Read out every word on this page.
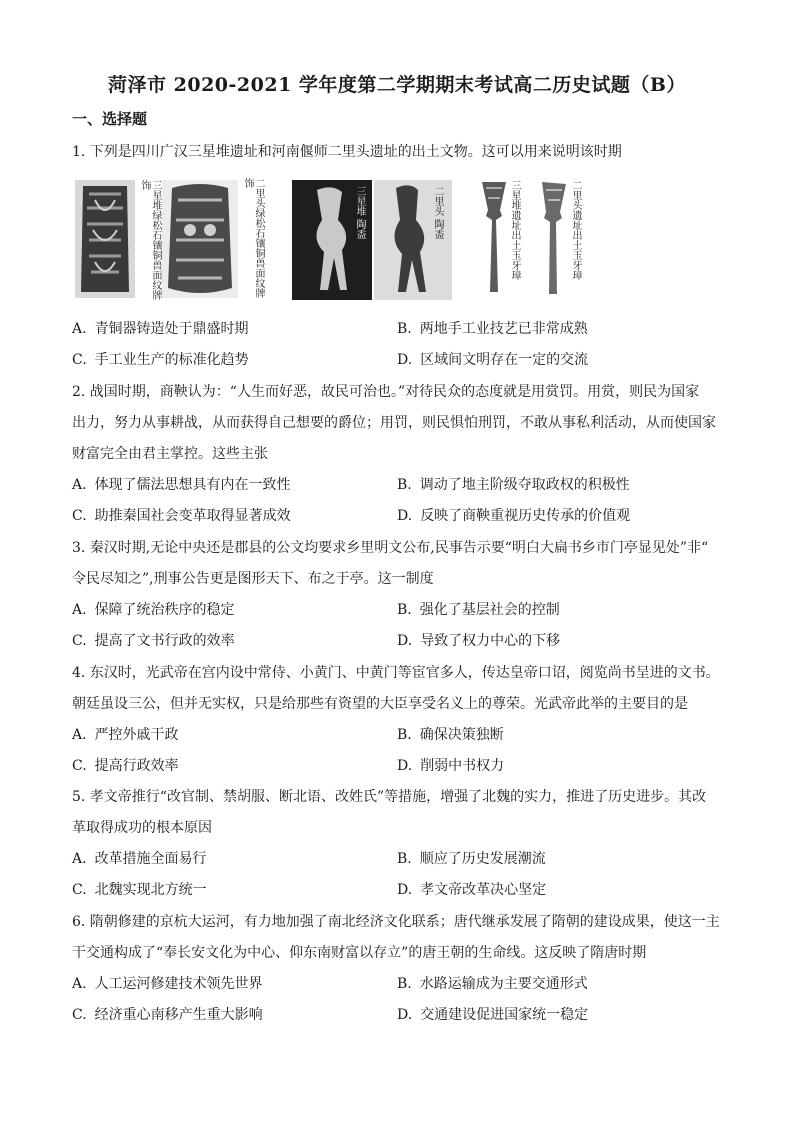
菏泽市 2020-2021 学年度第二学期期末考试高二历史试题（B）
一、选择题
1. 下列是四川广汉三星堆遗址和河南偃师二里头遗址的出土文物。这可以用来说明该时期
三星堆绿松石镶铜兽面纹牌饰	二里头绿松石镶铜兽面纹牌饰
三星堆 陶盉	二里头 陶盉	三星堆遗址出土玉牙璋	二里头遗址出土玉牙璋
A. 青铜器铸造处于鼎盛时期	B. 两地手工业技艺已非常成熟
C. 手工业生产的标准化趋势	D. 区域间文明存在一定的交流
2. 战国时期，商鞅认为：“人生而好恶，故民可治也。”对待民众的态度就是用赏罚。用赏，则民为国家
出力，努力从事耕战，从而获得自己想要的爵位；用罚，则民惧怕刑罚，不敢从事私利活动，从而使国家
财富完全由君主掌控。这些主张
A. 体现了儒法思想具有内在一致性	B. 调动了地主阶级夺取政权的积极性
C. 助推秦国社会变革取得显著成效	D. 反映了商鞅重视历史传承的价值观
3. 秦汉时期,无论中央还是郡县的公文均要求乡里明文公布,民事告示要“明白大扁书乡市门亭显见处”非“
令民尽知之”,刑事公告更是图形天下、布之于亭。这一制度
A. 保障了统治秩序的稳定	B. 强化了基层社会的控制
C. 提高了文书行政的效率	D. 导致了权力中心的下移
4. 东汉时，光武帝在宫内设中常侍、小黄门、中黄门等宦官多人，传达皇帝口诏，阅览尚书呈进的文书。
朝廷虽设三公，但并无实权，只是给那些有资望的大臣享受名义上的尊荣。光武帝此举的主要目的是
A. 严控外戚干政	B. 确保决策独断
C. 提高行政效率	D. 削弱中书权力
5. 孝文帝推行“改官制、禁胡服、断北语、改姓氏”等措施，增强了北魏的实力，推进了历史进步。其改
革取得成功的根本原因
A. 改革措施全面易行	B. 顺应了历史发展潮流
C. 北魏实现北方统一	D. 孝文帝改革决心坚定
6. 隋朝修建的京杭大运河，有力地加强了南北经济文化联系；唐代继承发展了隋朝的建设成果，使这一主
干交通构成了“奉长安文化为中心、仰东南财富以存立”的唐王朝的生命线。这反映了隋唐时期
A. 人工运河修建技术领先世界	B. 水路运输成为主要交通形式
C. 经济重心南移产生重大影响	D. 交通建设促进国家统一稳定
